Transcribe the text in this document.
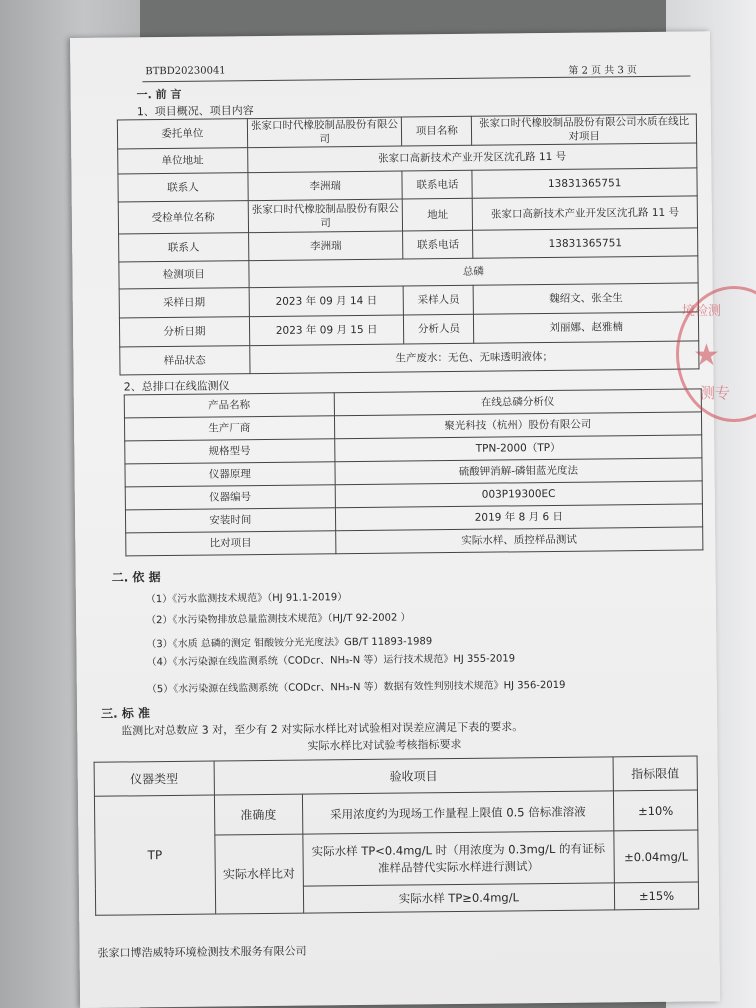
BTBD20230041	第 2 页 共 3 页
一. 前 言
1、项目概况、项目内容
委托单位	张家口时代橡胶制品股份有限公司	项目名称	张家口时代橡胶制品股份有限公司水质在线比对项目
单位地址	张家口高新技术产业开发区沈孔路 11 号		
联系人	李洲瑞	联系电话	13831365751
受检单位名称	张家口时代橡胶制品股份有限公司	地址	张家口高新技术产业开发区沈孔路 11 号
联系人	李洲瑞	联系电话	13831365751
检测项目	总磷		
采样日期	2023 年 09 月 14 日	采样人员	魏绍文、张全生
分析日期	2023 年 09 月 15 日	分析人员	刘丽娜、赵雅楠
样品状态	生产废水：无色、无味透明液体；		
2、总排口在线监测仪
产品名称	在线总磷分析仪
生产厂商	聚光科技（杭州）股份有限公司
规格型号	TPN-2000（TP）
仪器原理	硫酸钾消解-磷钼蓝光度法
仪器编号	003P19300EC
安装时间	2019 年 8 月 6 日
比对项目	实际水样、质控样品测试
二. 依 据
（1）《污水监测技术规范》（HJ 91.1-2019）
（2）《水污染物排放总量监测技术规范》（HJ/T 92-2002 ）
（3）《水质 总磷的测定 钼酸铵分光光度法》GB/T 11893-1989
（4）《水污染源在线监测系统（CODcr、NH₃-N 等）运行技术规范》HJ 355-2019
（5）《水污染源在线监测系统（CODcr、NH₃-N 等）数据有效性判别技术规范》HJ 356-2019
三. 标 准
监测比对总数应 3 对，至少有 2 对实际水样比对试验相对误差应满足下表的要求。
实际水样比对试验考核指标要求
仪器类型	验收项目		指标限值
TP	准确度	采用浓度约为现场工作量程上限值 0.5 倍标准溶液	±10%
	实际水样比对	实际水样 TP<0.4mg/L 时（用浓度为 0.3mg/L 的有证标准样品替代实际水样进行测试）	±0.04mg/L
		实际水样 TP≥0.4mg/L	±15%
张家口博浩威特环境检测技术服务有限公司
境检测
★
测专
